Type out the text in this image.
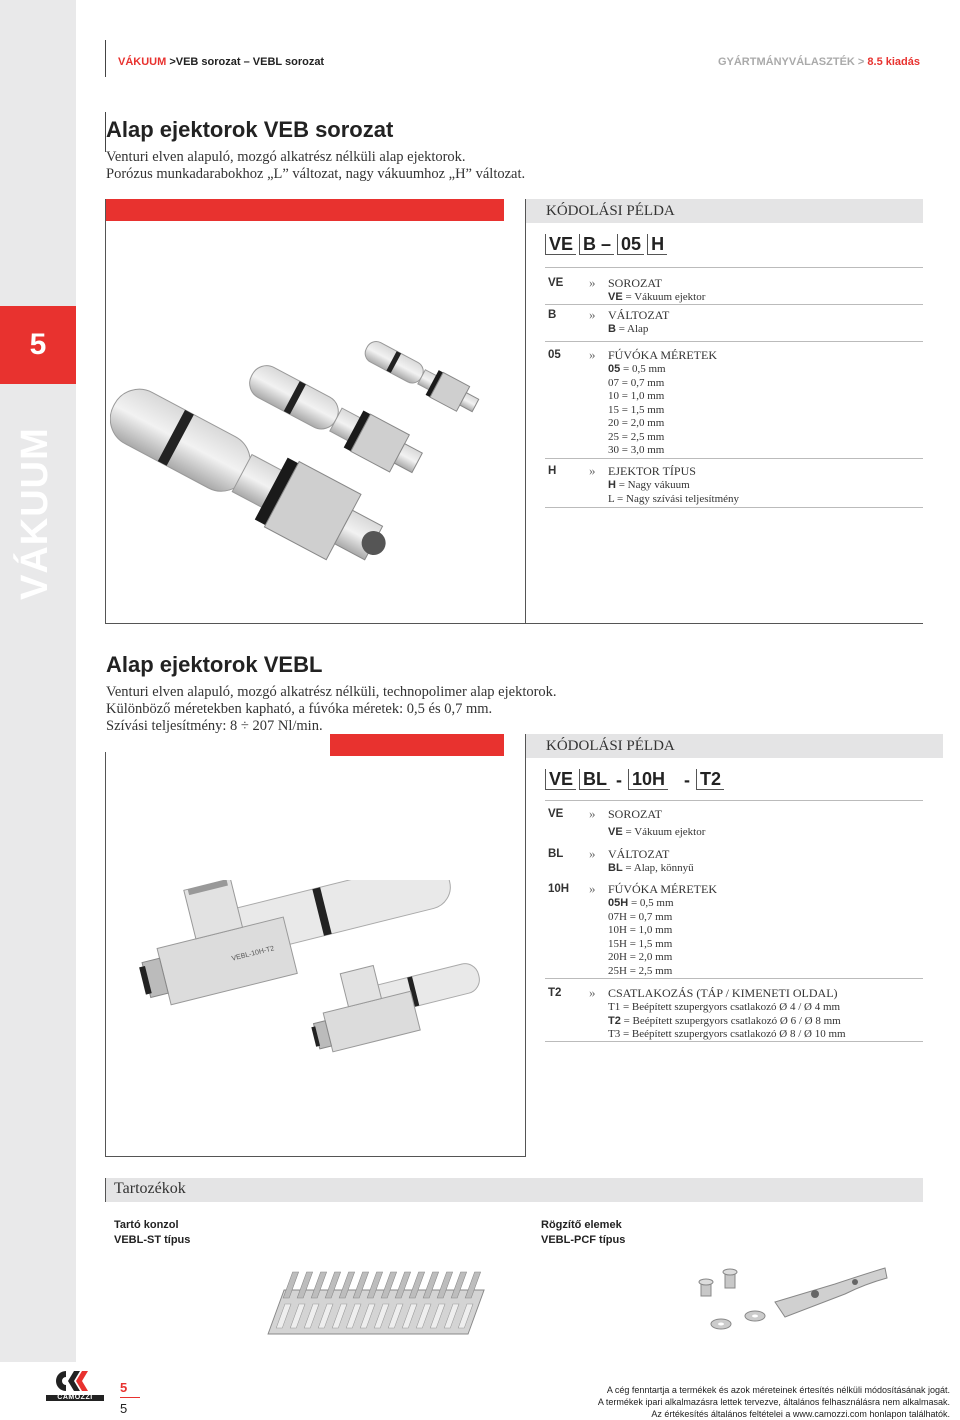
5
VÁKUUM
VÁKUUM >VEB sorozat – VEBL sorozat	GYÁRTMÁNYVÁLASZTÉK > 8.5 kiadás
Alap ejektorok VEB sorozat
Venturi elven alapuló, mozgó alkatrész nélküli alap ejektorok.
Porózus munkadarabokhoz „L” változat, nagy vákuumhoz „H” változat.
KÓDOLÁSI PÉLDA
VE B – 05 H
VE » SOROZAT
VE = Vákuum ejektor
B	» VÁLTOZAT
B = Alap
05 » FÚVÓKA MÉRETEK
05 = 0,5 mm
07 = 0,7 mm
10 = 1,0 mm
15 = 1,5 mm
20 = 2,0 mm
25 = 2,5 mm
30 = 3,0 mm
H	» EJEKTOR TÍPUS
H = Nagy vákuum
L = Nagy szívási teljesítmény
Alap ejektorok VEBL
Venturi elven alapuló, mozgó alkatrész nélküli, technopolimer alap ejektorok.
Különböző méretekben kapható, a fúvóka méretek: 0,5 és 0,7 mm.
Szívási teljesítmény: 8 ÷ 207 Nl/min.
VEBL-10H-T2
KÓDOLÁSI PÉLDA
VE BL - 10H - T2
VE » SOROZAT
VE = Vákuum ejektor
BL » VÁLTOZAT
BL = Alap, könnyű
10H » FÚVÓKA MÉRETEK
05H = 0,5 mm
07H = 0,7 mm
10H = 1,0 mm
15H = 1,5 mm
20H = 2,0 mm
25H = 2,5 mm
T2 » CSATLAKOZÁS (TÁP / KIMENETI OLDAL)
T1 = Beépített szupergyors csatlakozó Ø 4 / Ø 4 mm
T2 = Beépített szupergyors csatlakozó Ø 6 / Ø 8 mm
T3 = Beépített szupergyors csatlakozó Ø 8 / Ø 10 mm
Tartozékok
Tartó konzol
VEBL-ST típus
Rögzítő elemek
VEBL-PCF típus
CAMOZZI
5
5
A cég fenntartja a termékek és azok méreteinek értesítés nélküli módosításának jogát.
A termékek ipari alkalmazásra lettek tervezve, általános felhasználásra nem alkalmasak.
Az értékesítés általános feltételei a www.camozzi.com honlapon találhatók.
